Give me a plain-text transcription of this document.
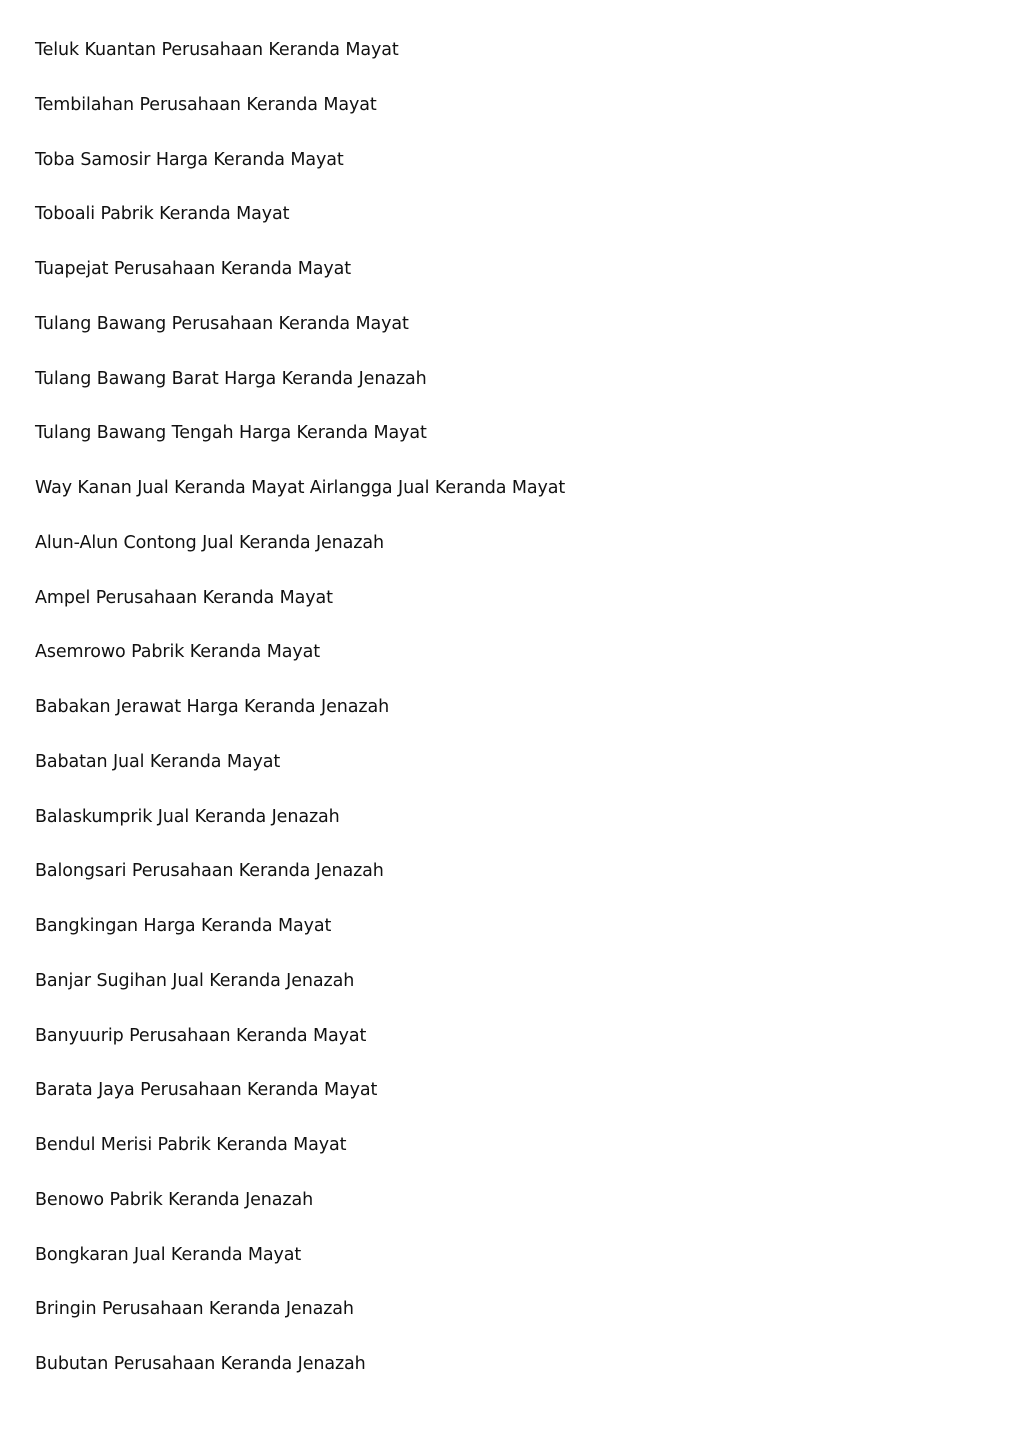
Teluk Kuantan Perusahaan Keranda Mayat
Tembilahan Perusahaan Keranda Mayat
Toba Samosir Harga Keranda Mayat
Toboali Pabrik Keranda Mayat
Tuapejat Perusahaan Keranda Mayat
Tulang Bawang Perusahaan Keranda Mayat
Tulang Bawang Barat Harga Keranda Jenazah
Tulang Bawang Tengah Harga Keranda Mayat
Way Kanan Jual Keranda Mayat Airlangga Jual Keranda Mayat
Alun-Alun Contong Jual Keranda Jenazah
Ampel Perusahaan Keranda Mayat
Asemrowo Pabrik Keranda Mayat
Babakan Jerawat Harga Keranda Jenazah
Babatan Jual Keranda Mayat
Balaskumprik Jual Keranda Jenazah
Balongsari Perusahaan Keranda Jenazah
Bangkingan Harga Keranda Mayat
Banjar Sugihan Jual Keranda Jenazah
Banyuurip Perusahaan Keranda Mayat
Barata Jaya Perusahaan Keranda Mayat
Bendul Merisi Pabrik Keranda Mayat
Benowo Pabrik Keranda Jenazah
Bongkaran Jual Keranda Mayat
Bringin Perusahaan Keranda Jenazah
Bubutan Perusahaan Keranda Jenazah
